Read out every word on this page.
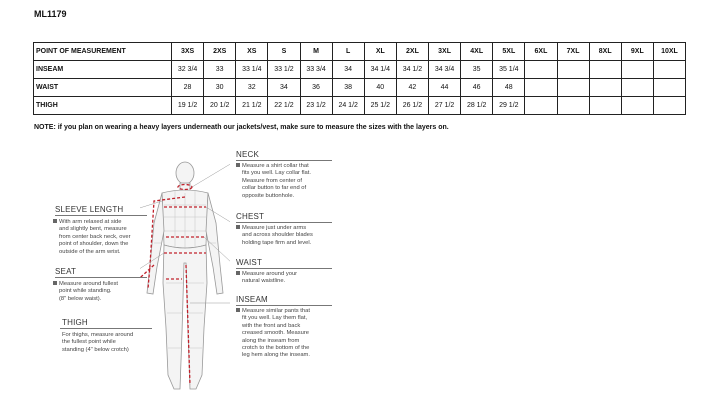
ML1179
POINT OF MEASUREMENT	3XS	2XS	XS	S	M	L	XL	2XL	3XL	4XL	5XL	6XL	7XL	8XL	9XL	10XL
INSEAM	32 3/4	33	33 1/4	33 1/2	33 3/4	34	34 1/4	34 1/2	34 3/4	35	35 1/4					
WAIST	28	30	32	34	36	38	40	42	44	46	48					
THIGH	19 1/2	20 1/2	21 1/2	22 1/2	23 1/2	24 1/2	25 1/2	26 1/2	27 1/2	28 1/2	29 1/2					
NOTE: if you plan on wearing a heavy layers underneath our jackets/vest, make sure to measure the sizes with the layers on.
NECK
Measure a shirt collar that
fits you well. Lay collar flat.
Measure from center of
collar button to far end of
opposite buttonhole.
CHEST
Measure just under arms
and across shoulder blades
holding tape firm and level.
WAIST
Measure around your
natural waistline.
INSEAM
Measure similar pants that
fit you well. Lay them flat,
with the front and back
creased smooth. Measure
along the inseam from
crotch to the bottom of the
leg hem along the inseam.
SLEEVE LENGTH
With arm relaxed at side
and slightly bent, measure
from center back neck, over
point of shoulder, down the
outside of the arm wrist.
SEAT
Measure around fullest
point while standing.
(8" below waist).
THIGH
For thighs, measure around
the fullest point while
standing (4" below crotch)
